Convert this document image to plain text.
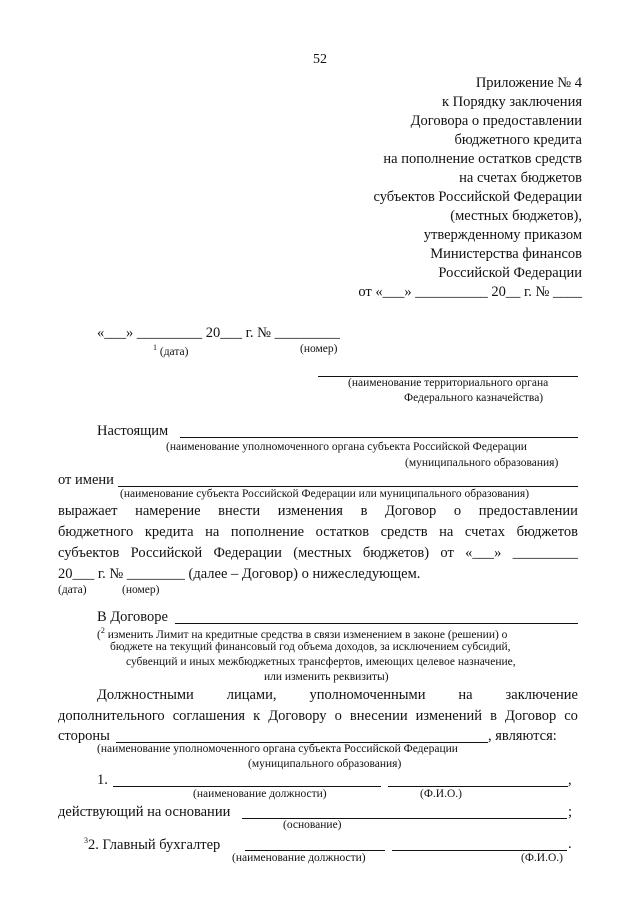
52
Приложение № 4
к Порядку заключения
Договора о предоставлении
бюджетного кредита
на пополнение остатков средств
на счетах бюджетов
субъектов Российской Федерации
(местных бюджетов),
утвержденному приказом
Министерства финансов
Российской Федерации
от «___» __________ 20__ г. № ____
«___» _________ 20___ г. № _________
$^1$ (дата)	(номер)
(наименование территориального органа
Федерального казначейства)
Настоящим
(наименование уполномоченного органа субъекта Российской Федерации
(муниципального образования)
от имени
(наименование субъекта Российской Федерации или муниципального образования)
выражает намерение внести изменения в Договор о предоставлении
бюджетного кредита на пополнение остатков средств на счетах бюджетов
субъектов Российской Федерации (местных бюджетов) от «___» _________
20___ г. № ________ (далее – Договор) о нижеследующем.
(дата)	(номер)
В Договоре
($^2$ изменить Лимит на кредитные средства в связи изменением в законе (решении) о
бюджете на текущий финансовый год объема доходов, за исключением субсидий,
субвенций и иных межбюджетных трансфертов, имеющих целевое назначение,
или изменить реквизиты)
Должностными лицами, уполномоченными на заключение
дополнительного соглашения к Договору о внесении изменений в Договор со
стороны	, являются:
(наименование уполномоченного органа субъекта Российской Федерации
(муниципального образования)
1.	,
(наименование должности)	(Ф.И.О.)
действующий на основании	;
(основание)
$^3$2. Главный бухгалтер	.
(наименование должности)	(Ф.И.О.)
